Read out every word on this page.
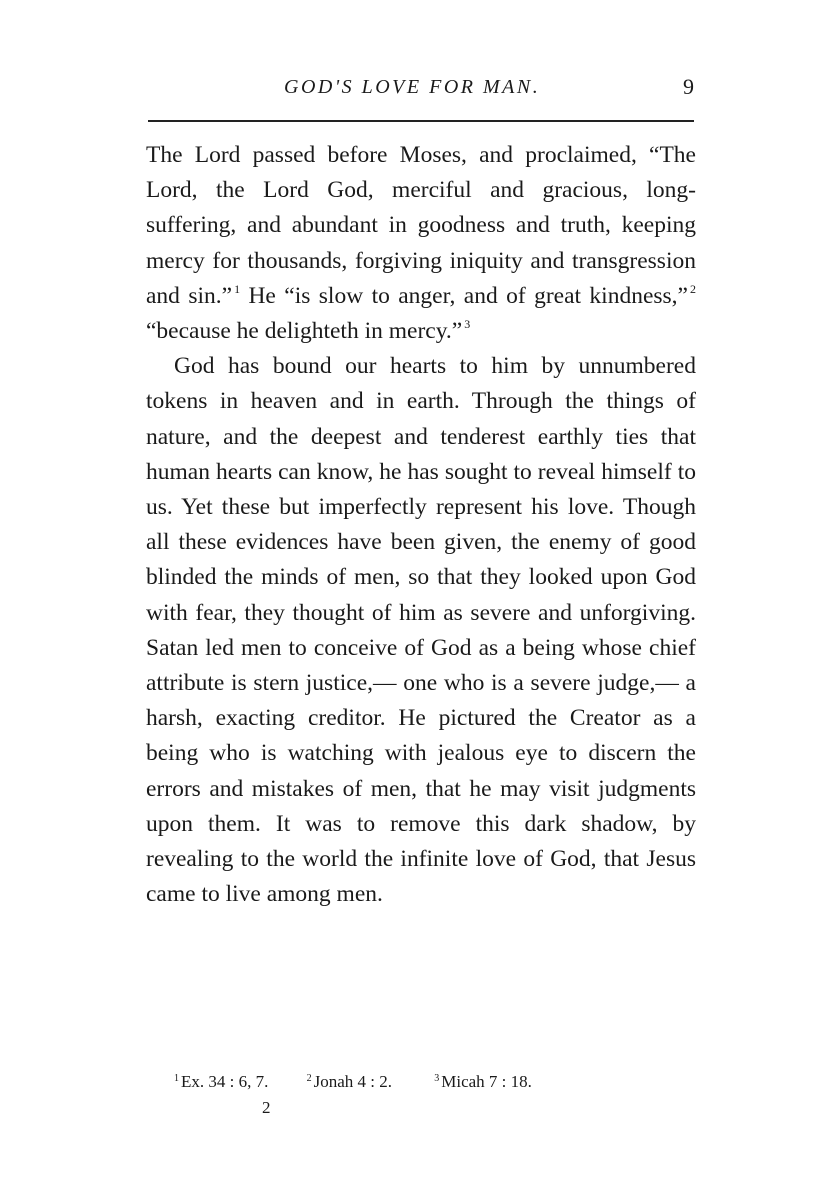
GOD'S LOVE FOR MAN.	9

The Lord passed before Moses, and proclaimed, “The Lord, the Lord God, merciful and gracious, long-suffering, and abundant in goodness and truth, keeping mercy for thousands, forgiving iniquity and transgression and sin.” $^1$ He “is slow to anger, and of great kindness,” $^2$ “because he delighteth in mercy.” $^3$

God has bound our hearts to him by unnumbered tokens in heaven and in earth. Through the things of nature, and the deepest and tenderest earthly ties that human hearts can know, he has sought to reveal himself to us. Yet these but imperfectly represent his love. Though all these evidences have been given, the enemy of good blinded the minds of men, so that they looked upon God with fear, they thought of him as severe and unforgiving. Satan led men to conceive of God as a being whose chief attribute is stern justice,— one who is a severe judge,— a harsh, exacting creditor. He pictured the Creator as a being who is watching with jealous eye to discern the errors and mistakes of men, that he may visit judgments upon them. It was to remove this dark shadow, by revealing to the world the infinite love of God, that Jesus came to live among men.

$^1$ Ex. 34 : 6, 7.	$^2$ Jonah 4 : 2.	$^3$ Micah 7 : 18.
2
